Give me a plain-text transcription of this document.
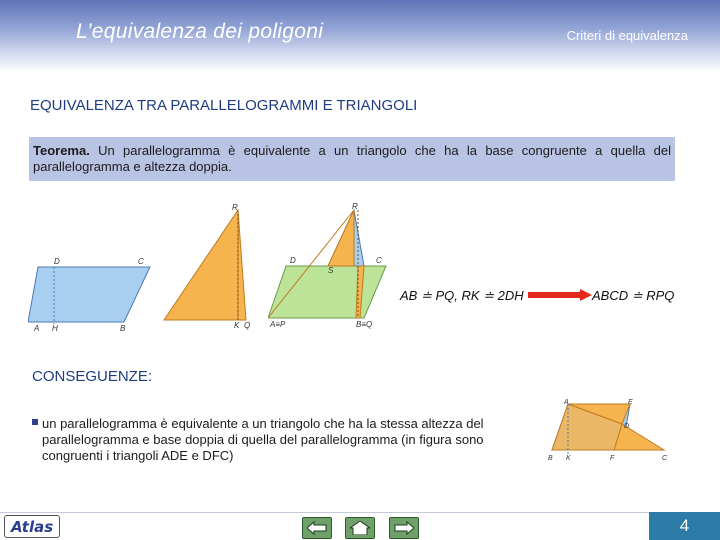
L’equivalenza dei poligoni	Criteri di equivalenza
EQUIVALENZA TRA PARALLELOGRAMMI E TRIANGOLI
Teorema. Un parallelogramma è equivalente a un triangolo che ha la base congruente a quella del parallelogramma e altezza doppia.
D	C
A H	B
R
K Q
R
D
S
C
A≡P	B≡Q
AB ≐ PQ, RK ≐ 2DH	ABCD ≐ RPQ
CONSEGUENZE:
un parallelogramma è equivalente a un triangolo che ha la stessa altezza del
parallelogramma e base doppia di quella del parallelogramma (in figura sono
congruenti i triangoli ADE e DFC)
A	E
D
B K	F	C
Atlas	4
